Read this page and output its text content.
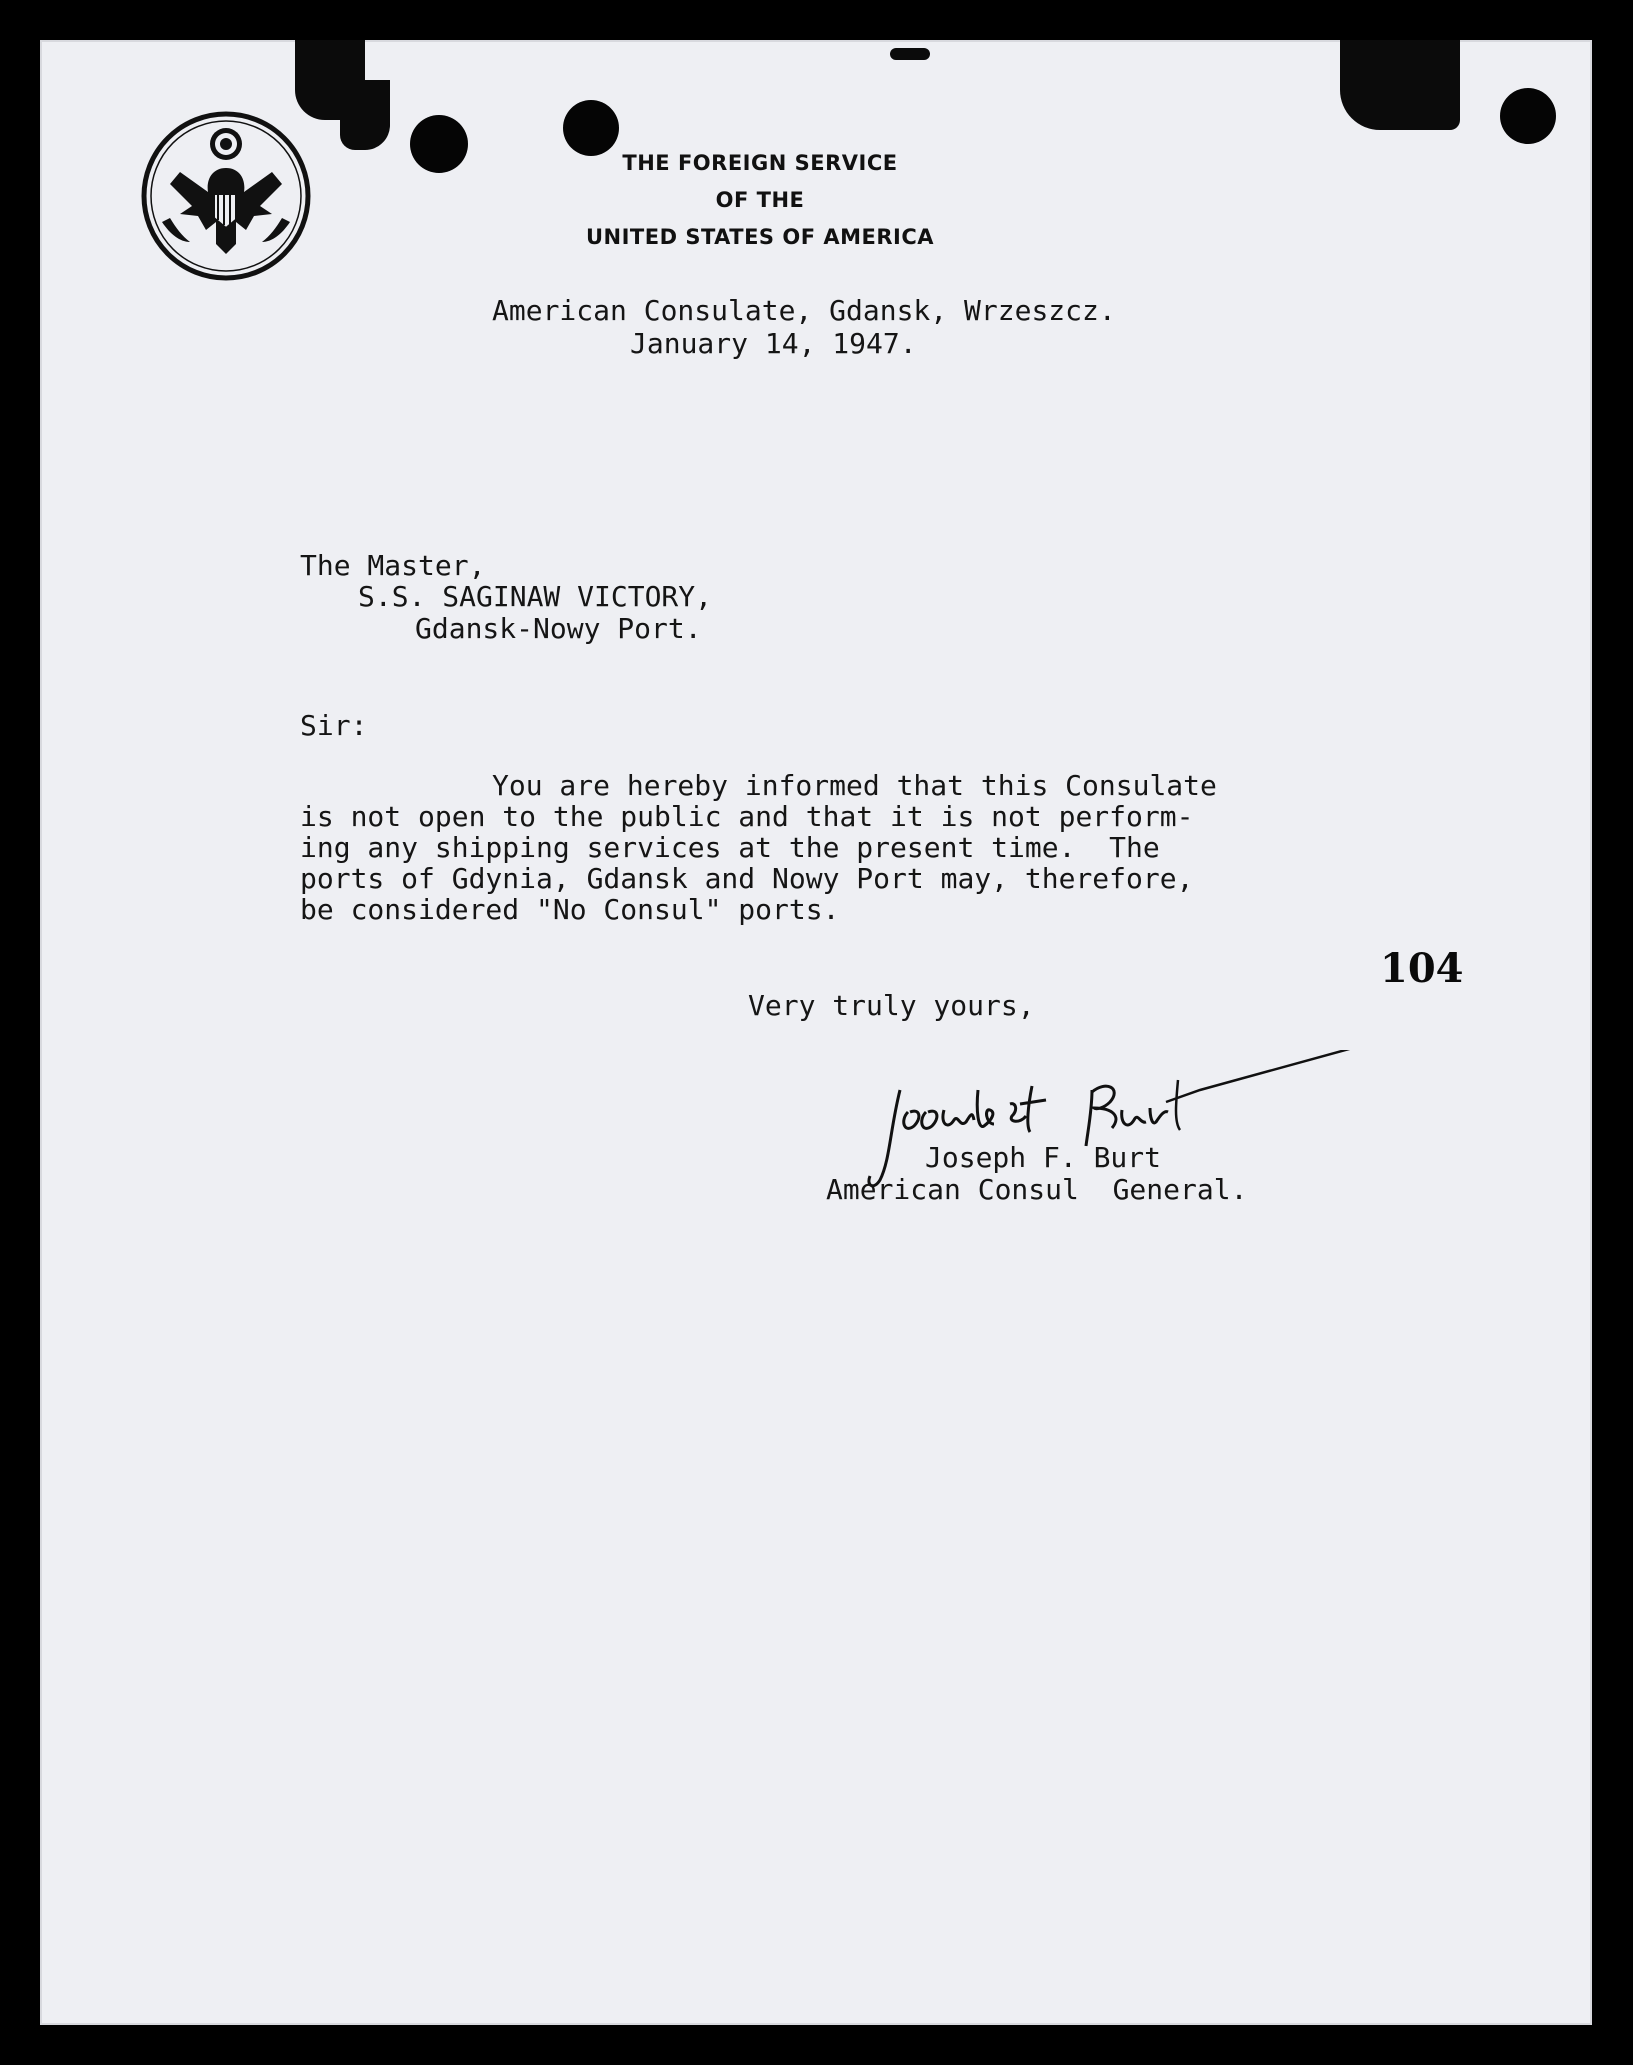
THE FOREIGN SERVICE
OF THE
UNITED STATES OF AMERICA
American Consulate, Gdansk, Wrzeszcz.
January 14, 1947.
The Master,
S.S. SAGINAW VICTORY,
Gdansk-Nowy Port.
Sir:
You are hereby informed that this Consulate
is not open to the public and that it is not perform-
ing any shipping services at the present time.  The
ports of Gdynia, Gdansk and Nowy Port may, therefore,
be considered "No Consul" ports.
104
Very truly yours,
Joseph F. Burt
American Consul  General.
